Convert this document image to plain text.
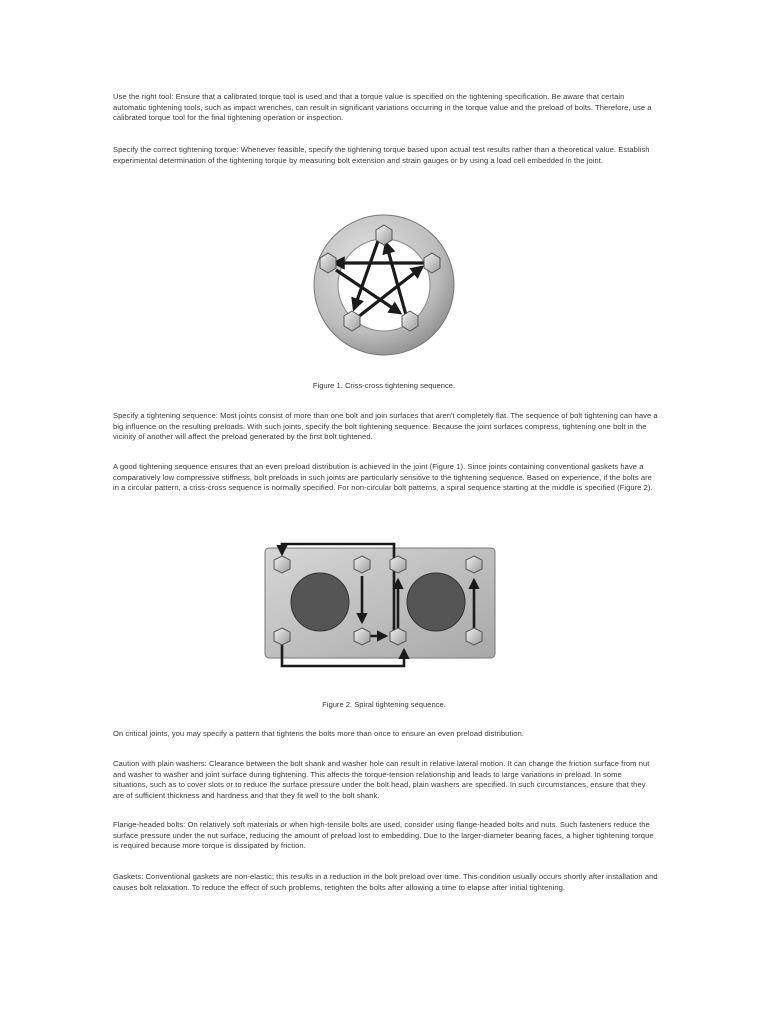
Use the right tool: Ensure that a calibrated torque tool is used and that a torque value is specified on the tightening specification. Be aware that certain automatic tightening tools, such as impact wrenches, can result in significant variations occurring in the torque value and the preload of bolts. Therefore, use a calibrated torque tool for the final tightening operation or inspection.

Specify the correct tightening torque: Whenever feasible, specify the tightening torque based upon actual test results rather than a theoretical value. Establish experimental determination of the tightening torque by measuring bolt extension and strain gauges or by using a load cell embedded in the joint.

Figure 1. Criss-cross tightening sequence.

Specify a tightening sequence: Most joints consist of more than one bolt and join surfaces that aren't completely flat. The sequence of bolt tightening can have a big influence on the resulting preloads. With such joints, specify the bolt tightening sequence. Because the joint surfaces compress, tightening one bolt in the vicinity of another will affect the preload generated by the first bolt tightened.

A good tightening sequence ensures that an even preload distribution is achieved in the joint (Figure 1). Since joints containing conventional gaskets have a comparatively low compressive stiffness, bolt preloads in such joints are particularly sensitive to the tightening sequence. Based on experience, if the bolts are in a circular pattern, a criss-cross sequence is normally specified. For non-circular bolt patterns, a spiral sequence starting at the middle is specified (Figure 2).

Figure 2. Spiral tightening sequence.

On critical joints, you may specify a pattern that tightens the bolts more than once to ensure an even preload distribution.

Caution with plain washers: Clearance between the bolt shank and washer hole can result in relative lateral motion. It can change the friction surface from nut and washer to washer and joint surface during tightening. This affects the torque-tension relationship and leads to large variations in preload. In some situations, such as to cover slots or to reduce the surface pressure under the bolt head, plain washers are specified. In such circumstances, ensure that they are of sufficient thickness and hardness and that they fit well to the bolt shank.

Flange-headed bolts: On relatively soft materials or when high-tensile bolts are used, consider using flange-headed bolts and nuts. Such fasteners reduce the surface pressure under the nut surface, reducing the amount of preload lost to embedding. Due to the larger-diameter bearing faces, a higher tightening torque is required because more torque is dissipated by friction.

Gaskets: Conventional gaskets are non-elastic; this results in a reduction in the bolt preload over time. This condition usually occurs shortly after installation and causes bolt relaxation. To reduce the effect of such problems, retighten the bolts after allowing a time to elapse after initial tightening.
